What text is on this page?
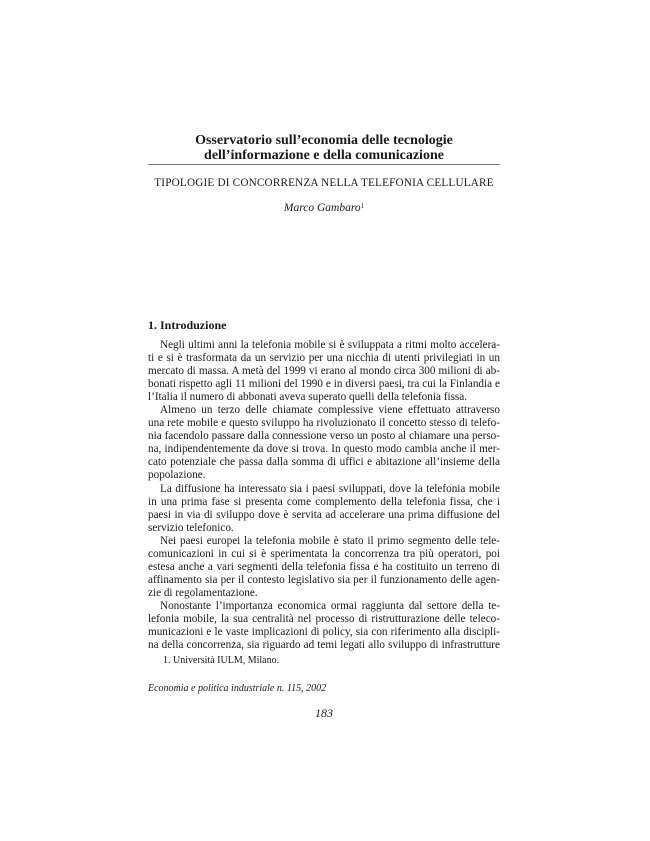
Osservatorio sull’economia delle tecnologie
dell’informazione e della comunicazione
TIPOLOGIE DI CONCORRENZA NELLA TELEFONIA CELLULARE
Marco Gambaro$^1$
1. Introduzione

Negli ultimi anni la telefonia mobile si è sviluppata a ritmi molto accelera-
ti e si è trasformata da un servizio per una nicchia di utenti privilegiati in un
mercato di massa. A metà del 1999 vi erano al mondo circa 300 milioni di ab-
bonati rispetto agli 11 milioni del 1990 e in diversi paesi, tra cui la Finlandia e
l’Italia il numero di abbonati aveva superato quelli della telefonia fissa.

Almeno un terzo delle chiamate complessive viene effettuato attraverso
una rete mobile e questo sviluppo ha rivoluzionato il concetto stesso di telefo-
nia facendolo passare dalla connessione verso un posto al chiamare una perso-
na, indipendentemente da dove si trova. In questo modo cambia anche il mer-
cato potenziale che passa dalla somma di uffici e abitazione all’insieme della
popolazione.

La diffusione ha interessato sia i paesi sviluppati, dove la telefonia mobile
in una prima fase si presenta come complemento della telefonia fissa, che i
paesi in via di sviluppo dove è servita ad accelerare una prima diffusione del
servizio telefonico.

Nei paesi europei la telefonia mobile è stato il primo segmento delle tele-
comunicazioni in cui si è sperimentata la concorrenza tra più operatori, poi
estesa anche a vari segmenti della telefonia fissa e ha costituito un terreno di
affinamento sia per il contesto legislativo sia per il funzionamento delle agen-
zie di regolamentazione.

Nonostante l’importanza economica ormai raggiunta dal settore della te-
lefonia mobile, la sua centralità nel processo di ristrutturazione delle teleco-
municazioni e le vaste implicazioni di policy, sia con riferimento alla discipli-
na della concorrenza, sia riguardo ad temi legati allo sviluppo di infrastrutture

1. Università IULM, Milano.
Economia e politica industriale n. 115, 2002
183
